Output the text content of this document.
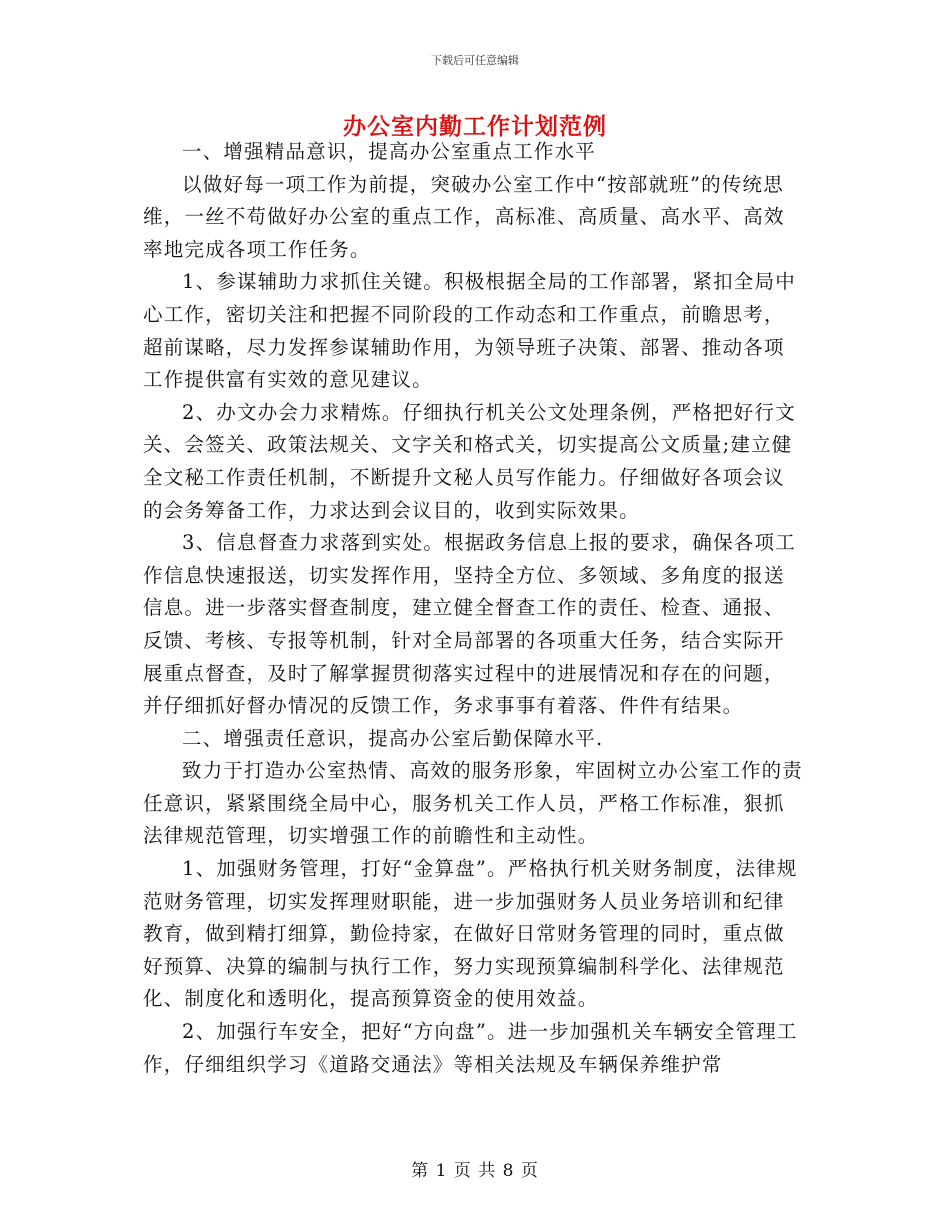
下载后可任意编辑
办公室内勤工作计划范例

一、增强精品意识，提高办公室重点工作水平

以做好每一项工作为前提，突破办公室工作中“按部就班”的传统思维，一丝不苟做好办公室的重点工作，高标准、高质量、高水平、高效率地完成各项工作任务。

1、参谋辅助力求抓住关键。积极根据全局的工作部署，紧扣全局中心工作，密切关注和把握不同阶段的工作动态和工作重点，前瞻思考，超前谋略，尽力发挥参谋辅助作用，为领导班子决策、部署、推动各项工作提供富有实效的意见建议。

2、办文办会力求精炼。仔细执行机关公文处理条例，严格把好行文关、会签关、政策法规关、文字关和格式关，切实提高公文质量;建立健全文秘工作责任机制，不断提升文秘人员写作能力。仔细做好各项会议的会务筹备工作，力求达到会议目的，收到实际效果。

3、信息督查力求落到实处。根据政务信息上报的要求，确保各项工作信息快速报送，切实发挥作用，坚持全方位、多领域、多角度的报送信息。进一步落实督查制度，建立健全督查工作的责任、检查、通报、反馈、考核、专报等机制，针对全局部署的各项重大任务，结合实际开展重点督查，及时了解掌握贯彻落实过程中的进展情况和存在的问题，并仔细抓好督办情况的反馈工作，务求事事有着落、件件有结果。

二、增强责任意识，提高办公室后勤保障水平.

致力于打造办公室热情、高效的服务形象，牢固树立办公室工作的责任意识，紧紧围绕全局中心，服务机关工作人员，严格工作标准，狠抓法律规范管理，切实增强工作的前瞻性和主动性。

1、加强财务管理，打好“金算盘”。严格执行机关财务制度，法律规范财务管理，切实发挥理财职能，进一步加强财务人员业务培训和纪律教育，做到精打细算，勤俭持家，在做好日常财务管理的同时，重点做好预算、决算的编制与执行工作，努力实现预算编制科学化、法律规范化、制度化和透明化，提高预算资金的使用效益。

2、加强行车安全，把好“方向盘”。进一步加强机关车辆安全管理工作，仔细组织学习《道路交通法》等相关法规及车辆保养维护常

第 1 页 共 8 页
